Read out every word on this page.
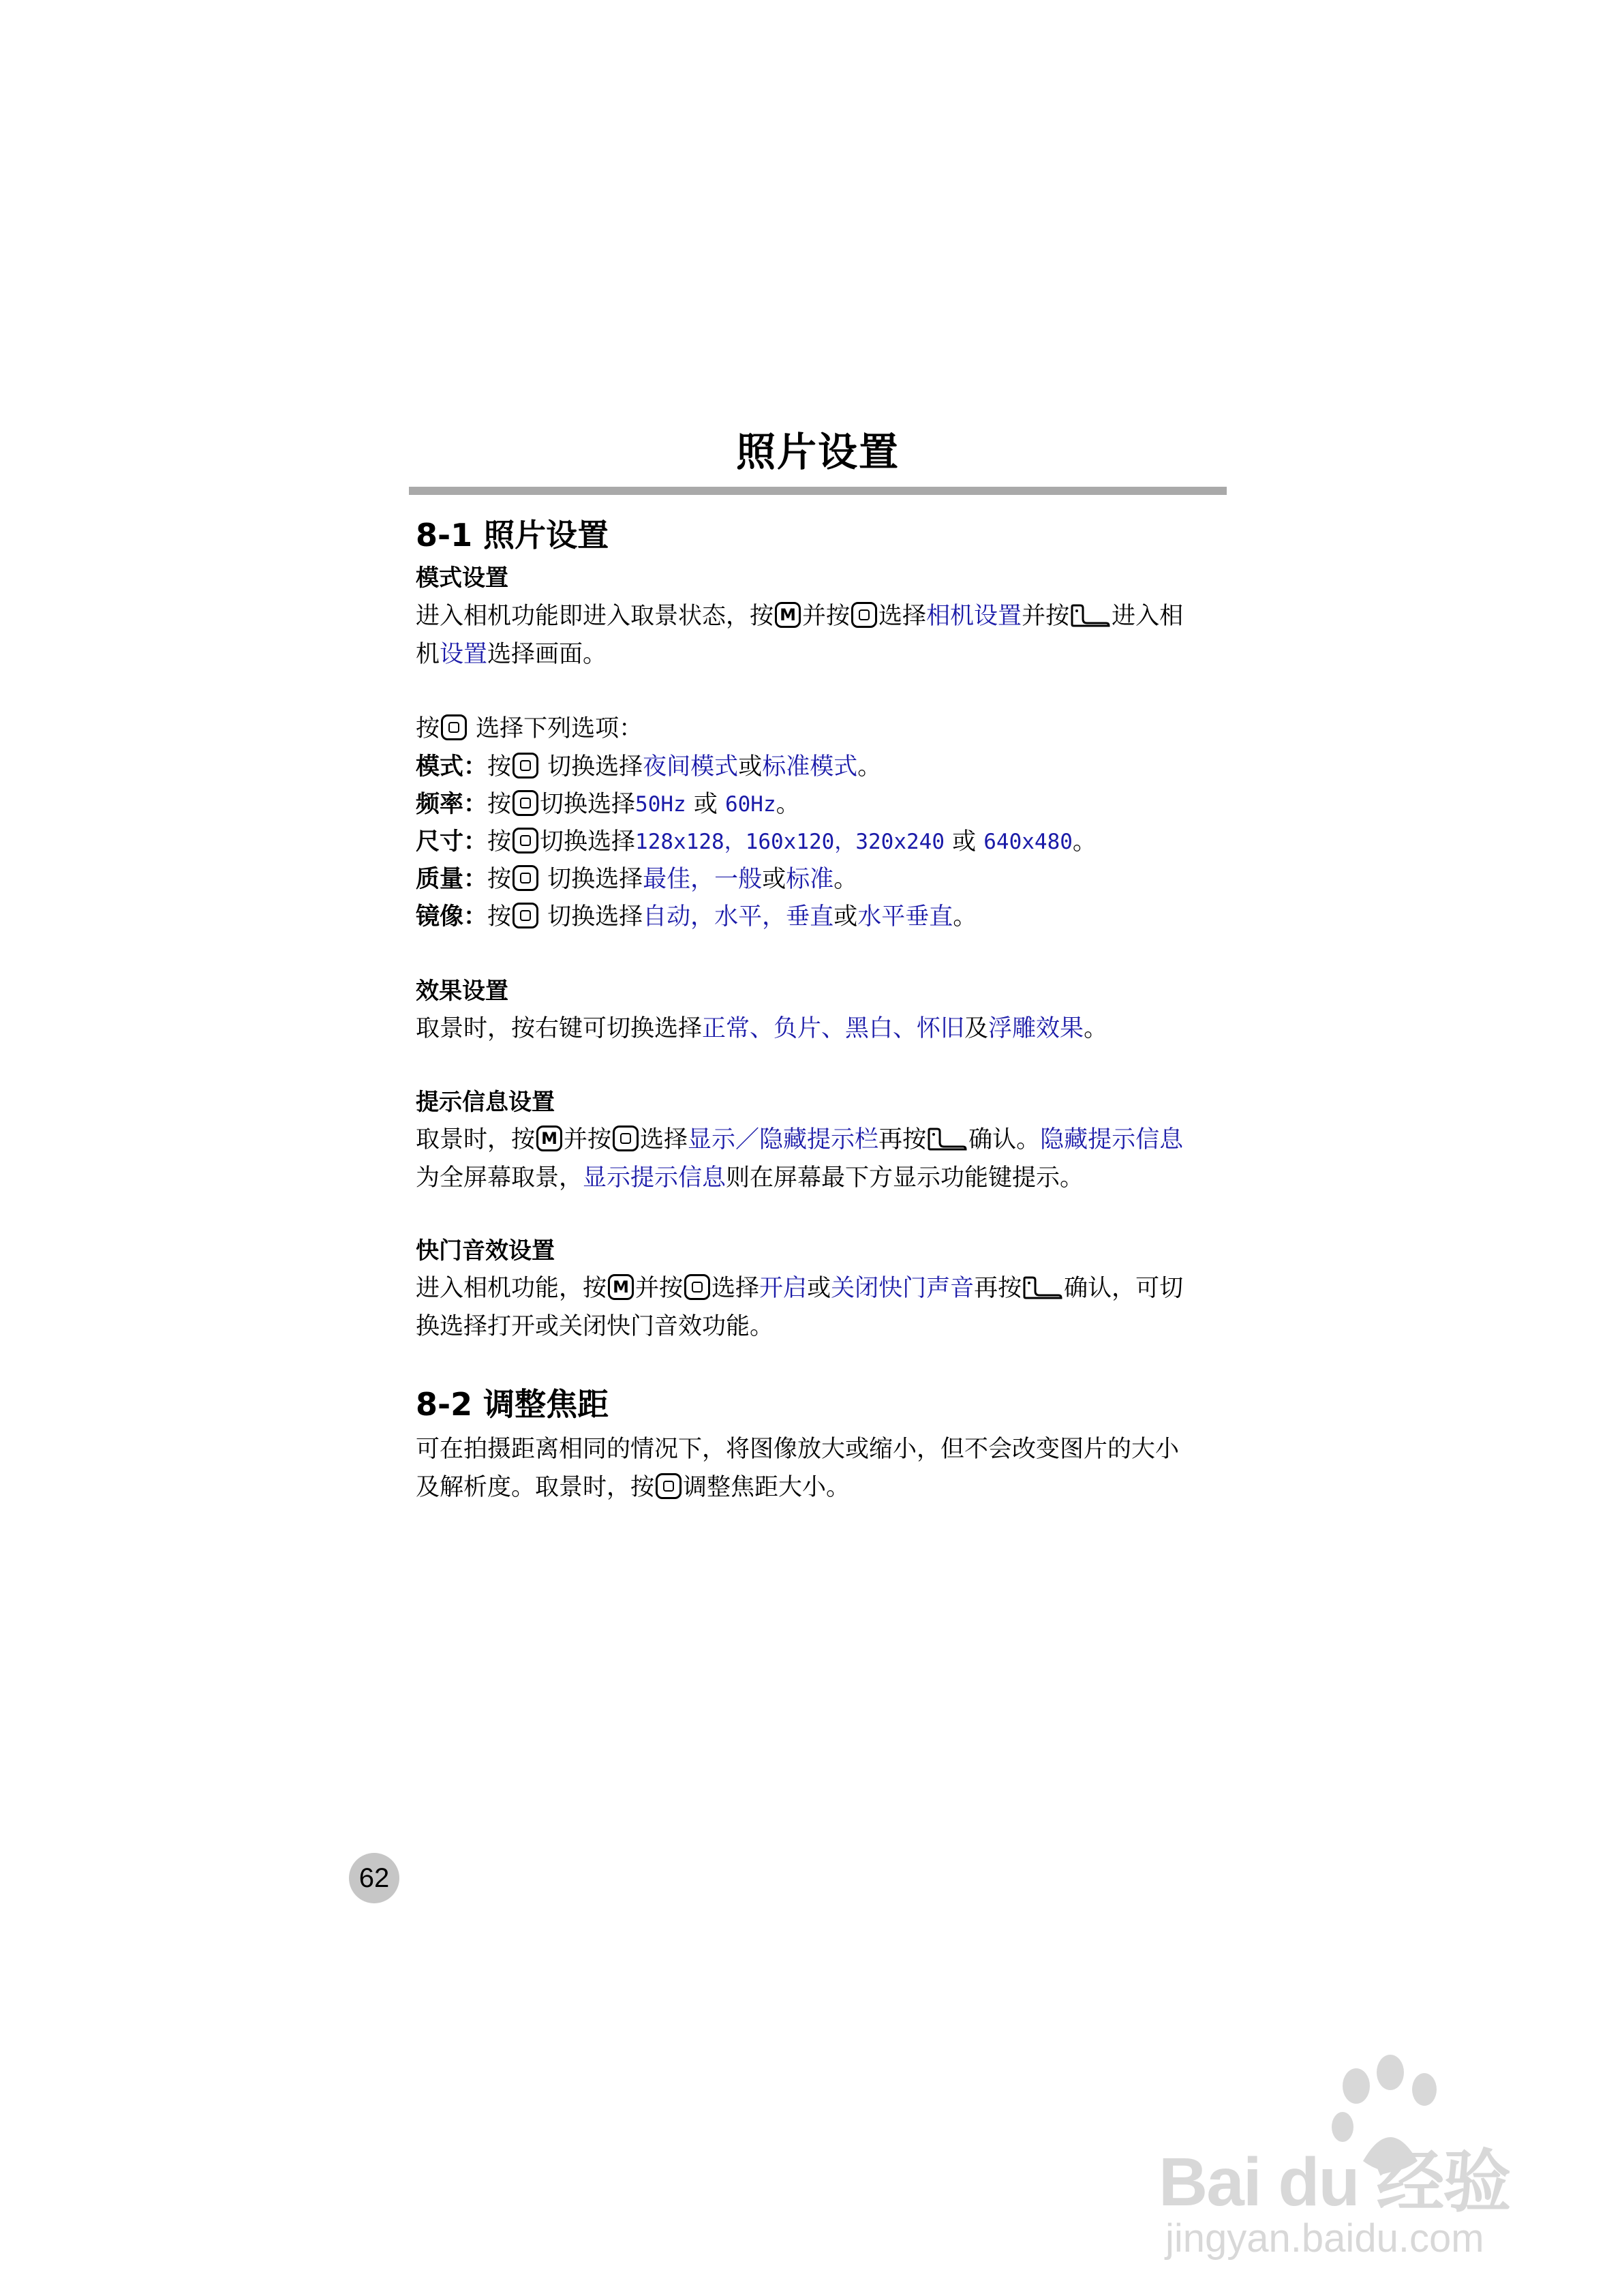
照片设置
8-1 照片设置
模式设置
进入相机功能即进入取景状态，按 M 并按 选择相机设置并按 进入相
机设置选择画面。
按 选择下列选项：
模式：按 切换选择夜间模式或标准模式。
频率：按 切换选择50Hz 或 60Hz。
尺寸：按 切换选择128x128，160x120，320x240 或 640x480。
质量：按 切换选择最佳，一般或标准。
镜像：按 切换选择自动，水平，垂直或水平垂直。
效果设置
取景时，按右键可切换选择正常、负片、黑白、怀旧及浮雕效果。
提示信息设置
取景时，按 M 并按 选择显示／隐藏提示栏再按 确认。隐藏提示信息
为全屏幕取景，显示提示信息则在屏幕最下方显示功能键提示。
快门音效设置
进入相机功能，按 M 并按 选择开启或关闭快门声音再按 确认，可切
换选择打开或关闭快门音效功能。
8-2 调整焦距
可在拍摄距离相同的情况下，将图像放大或缩小，但不会改变图片的大小
及解析度。取景时，按 调整焦距大小。
62
Bai du 经验
jingyan.baidu.com
